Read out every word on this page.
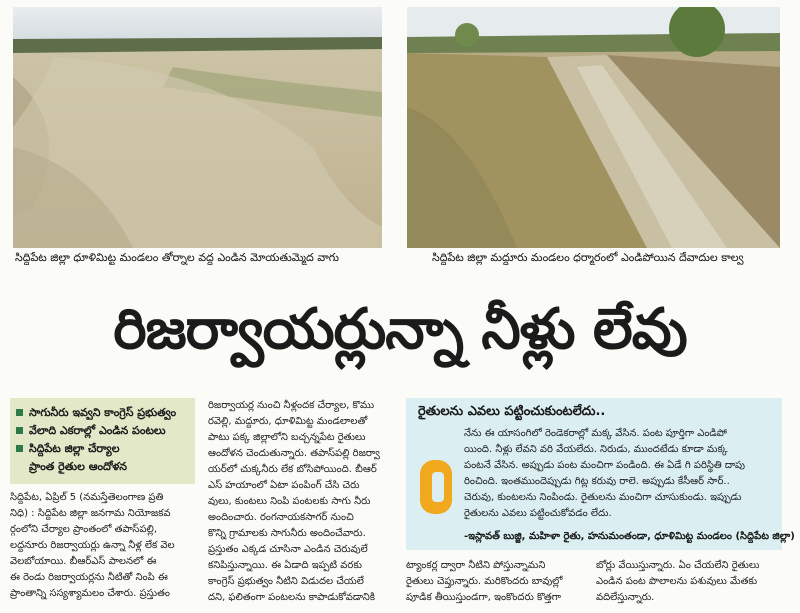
సిద్దిపేట జిల్లా ధూళిమిట్ట మండలం తోర్నాల వద్ద ఎండిన మోయతుమ్మెద వాగు	సిద్దిపేట జిల్లా మద్దూరు మండలం ధర్మారంలో ఎండిపోయిన దేవాదుల కాల్వ
రిజర్వాయర్లున్నా నీళ్లు లేవు
సాగునీరు ఇవ్వని కాంగ్రెస్ ప్రభుత్వం
వేలాది ఎకరాల్లో ఎండిన పంటలు
సిద్దిపేట జిల్లా చేర్యాల
ప్రాంత రైతుల ఆందోళన

సిద్దిపేట, ఏప్రిల్ 5 (నమస్తేతెలంగాణ ప్రతి

నిధి) : సిద్దిపేట జిల్లా జనగామ నియోజకవ

ర్గంలోని చేర్యాల ప్రాంతంలో తపాస్‌పల్లి,

లద్దనూరు రిజర్వాయర్లు ఉన్నా నీళ్ల లేక వెల

వెలబోయాయి. బీఆర్‌ఎస్ పాలనలో ఈ

ఈ రెండు రిజర్వాయర్లను నీటితో నింపి ఈ

ప్రాంతాన్ని సస్యశ్యామలం చేశారు. ప్రస్తుతం

రిజర్వాయర్ల నుంచి నీళ్లందక చేర్యాల, కొము

రవెల్లి, మద్దూరు, ధూళిమిట్ట మండలాలతో

పాటు పక్క జిల్లాలోని బచ్చన్నపేట రైతులు

ఆందోళన చెందుతున్నారు. తపాస్‌పల్లి రిజర్వా

యర్‌లో చుక్కనీరు లేక బోసిపోయింది. బీఆర్

ఎస్ హయాంలో ఏటా పంపింగ్ చేసి చెరు

వులు, కుంటలు నింపి పంటలకు సాగు నీరు

అందించారు. రంగనాయకసాగర్ నుంచి

కొన్ని గ్రామాలకు సాగునీరు అందించేవారు.

ప్రస్తుతం ఎక్కడ చూసినా ఎండిన చెరువులే

కనిపిస్తున్నాయి. ఈ ఏడాది ఇప్పటి వరకు

కాంగ్రెస్ ప్రభుత్వం నీటిని విడుదల చేయలే

దని, ఫలితంగా పంటలను కాపాడుకోవడానికి

రైతులను ఎవలు పట్టించుకుంటలేదు..

నేను ఈ యాసంగిలో రెండెకరాల్లో మక్క వేసిన. పంట పూర్తిగా ఎండిపో

యింది. నీళ్లు లేవని వరి వేయలేదు. నిరుడు, ముందటేడు కూడా మక్క

పంటనే వేసిన. అప్పుడు పంట మంచిగా పండింది. ఈ ఏడే గి పరిస్థితి దాపు

రించింది. ఇంతముందెప్పుడు గిట్ల కరువు రాలె. అప్పుడు కేసీఆర్ సార్..

చెరువు, కుంటలను నింపిండు. రైతులను మంచిగా చూసుకుండు. ఇప్పుడు

రైతులను ఎవలు పట్టించుకోవడం లేదు.

-ఇస్లావత్ బుజ్జి, మహిళా రైతు, హనుమంతండా, ధూళిమిట్ట మండలం (సిద్దిపేట జిల్లా)

ట్యాంకర్ల ద్వారా నీటిని పోస్తున్నామని

రైతులు చెప్తున్నారు. మరికొందరు బావుల్లో

పూడిక తీయిస్తుండగా, ఇంకొందరు కొత్తగా

బోర్లు వేయిస్తున్నారు. ఏం చేయలేని రైతులు

ఎండిన పంట పొలాలను పశువులు మేతకు

వదిలేస్తున్నారు.
